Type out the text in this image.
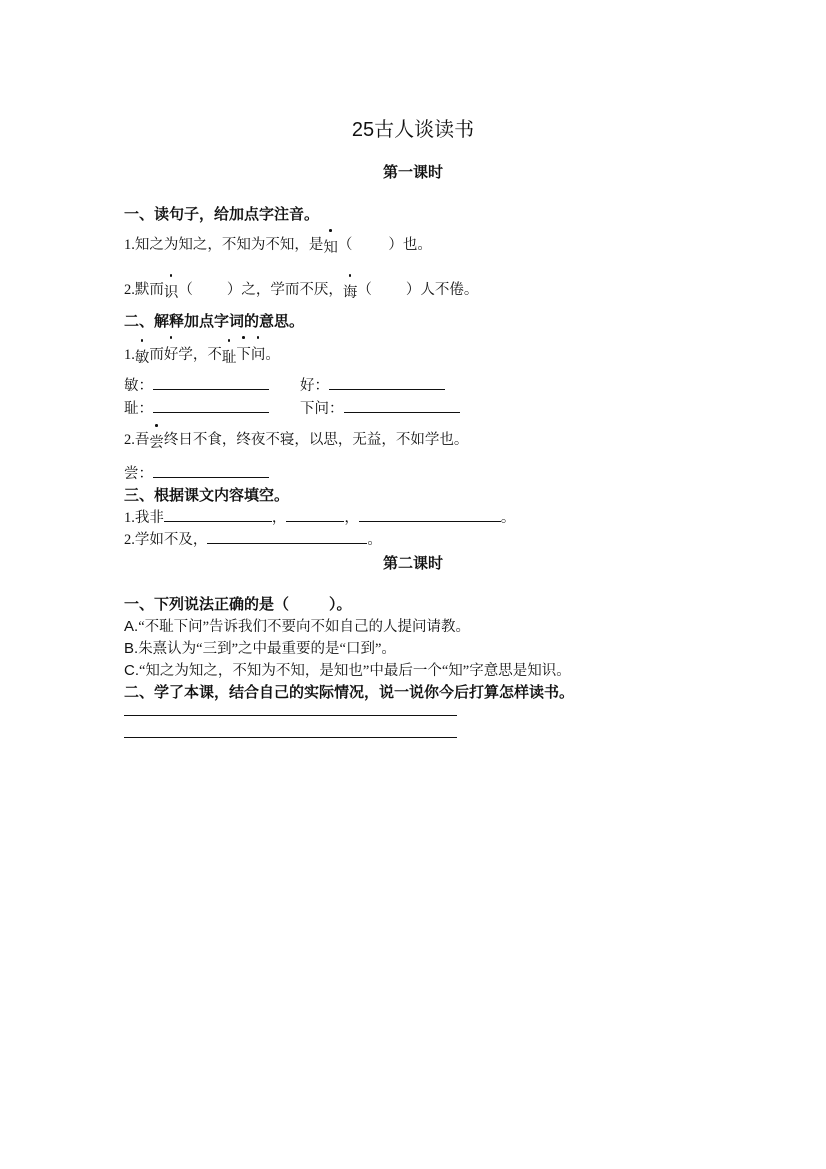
25古人谈读书
第一课时
一、读句子，给加点字注音。
1.知之为知之，不知为不知，是知（ ）也。
2.默而识（ ）之，学而不厌，诲（ ）人不倦。
二、解释加点字词的意思。
1.敏而好学，不耻下问。
敏：	好：
耻：	下问：
2.吾尝终日不食，终夜不寝，以思，无益，不如学也。
尝：
三、根据课文内容填空。
1.我非	，	，	。
2.学如不及，	。
第二课时
一、下列说法正确的是（	）。
A.“不耻下问”告诉我们不要向不如自己的人提问请教。
B.朱熹认为“三到”之中最重要的是“口到”。
C.“知之为知之，不知为不知，是知也”中最后一个“知”字意思是知识。
二、学了本课，结合自己的实际情况，说一说你今后打算怎样读书。
